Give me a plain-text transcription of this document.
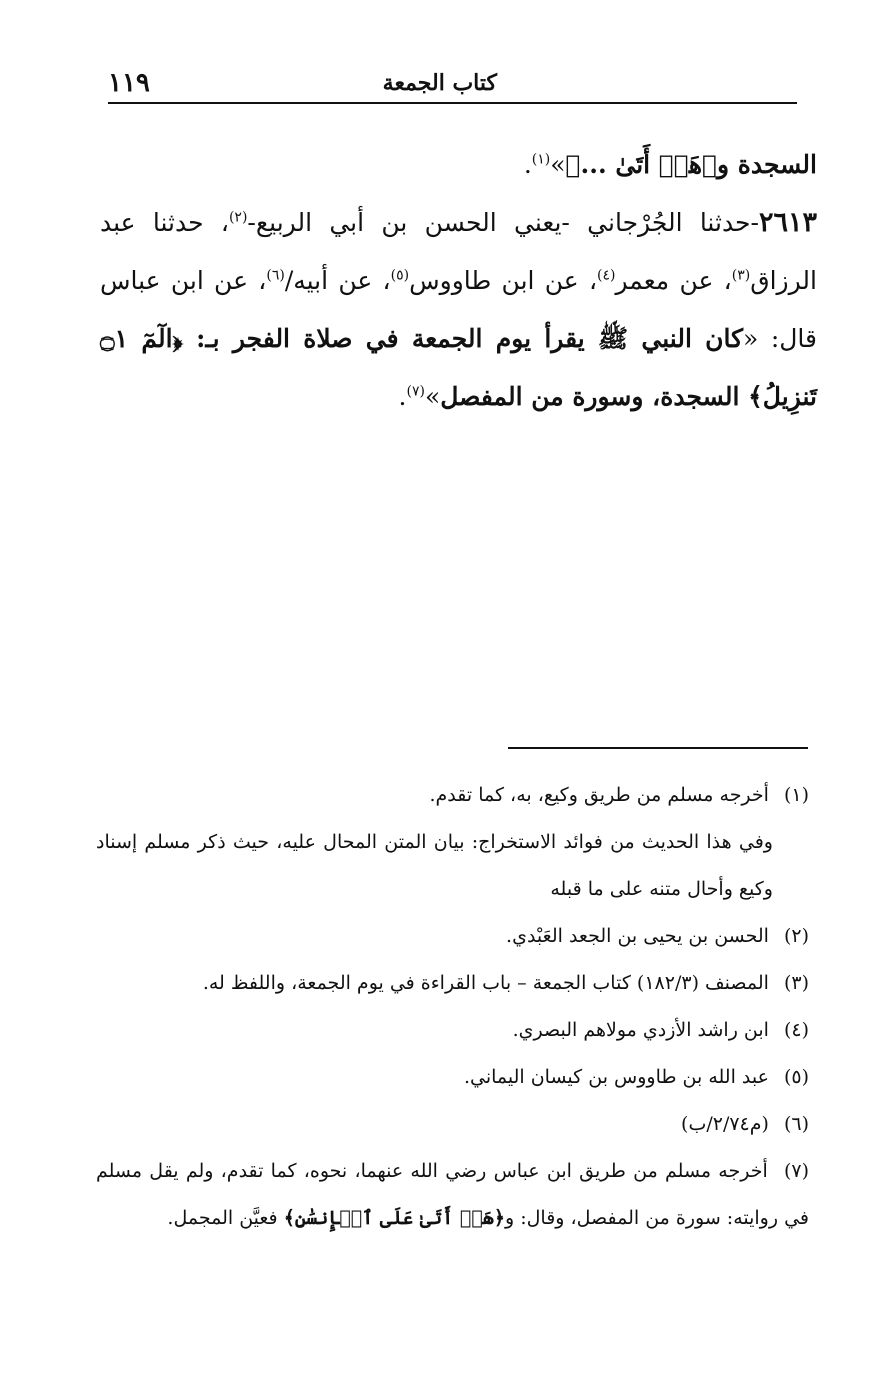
كتاب الجمعة
١١٩

السجدة و﴿هَلۡ أَتَىٰ ...﴾»$^{(١)}$.

٢٦١٣-حدثنا الجُرْجاني -يعني الحسن بن أبي الربيع-$^{(٢)}$، حدثنا عبد الرزاق$^{(٣)}$، عن معمر$^{(٤)}$، عن ابن طاووس$^{(٥)}$، عن أبيه/$^{(٦)}$، عن ابن عباس قال: «كان النبي ﷺ يقرأ يوم الجمعة في صلاة الفجر بـ: ﴿الٓمٓ ۝١ تَنزِيلُ﴾ السجدة، وسورة من المفصل»$^{(٧)}$.

(١) أخرجه مسلم من طريق وكيع، به، كما تقدم.

وفي هذا الحديث من فوائد الاستخراج: بيان المتن المحال عليه، حيث ذكر مسلم إسناد وكيع وأحال متنه على ما قبله

(٢) الحسن بن يحيى بن الجعد العَبْدي.

(٣) المصنف (١٨٢/٣) كتاب الجمعة – باب القراءة في يوم الجمعة، واللفظ له.

(٤) ابن راشد الأزدي مولاهم البصري.

(٥) عبد الله بن طاووس بن كيسان اليماني.

(٦) (م٢/٧٤/ب)

(٧) أخرجه مسلم من طريق ابن عباس رضي الله عنهما، نحوه، كما تقدم، ولم يقل مسلم في روايته: سورة من المفصل، وقال: و﴿هَلۡ أَتَىٰ عَلَى ٱلۡإِنسَٰنِ﴾ فعيَّن المجمل.
